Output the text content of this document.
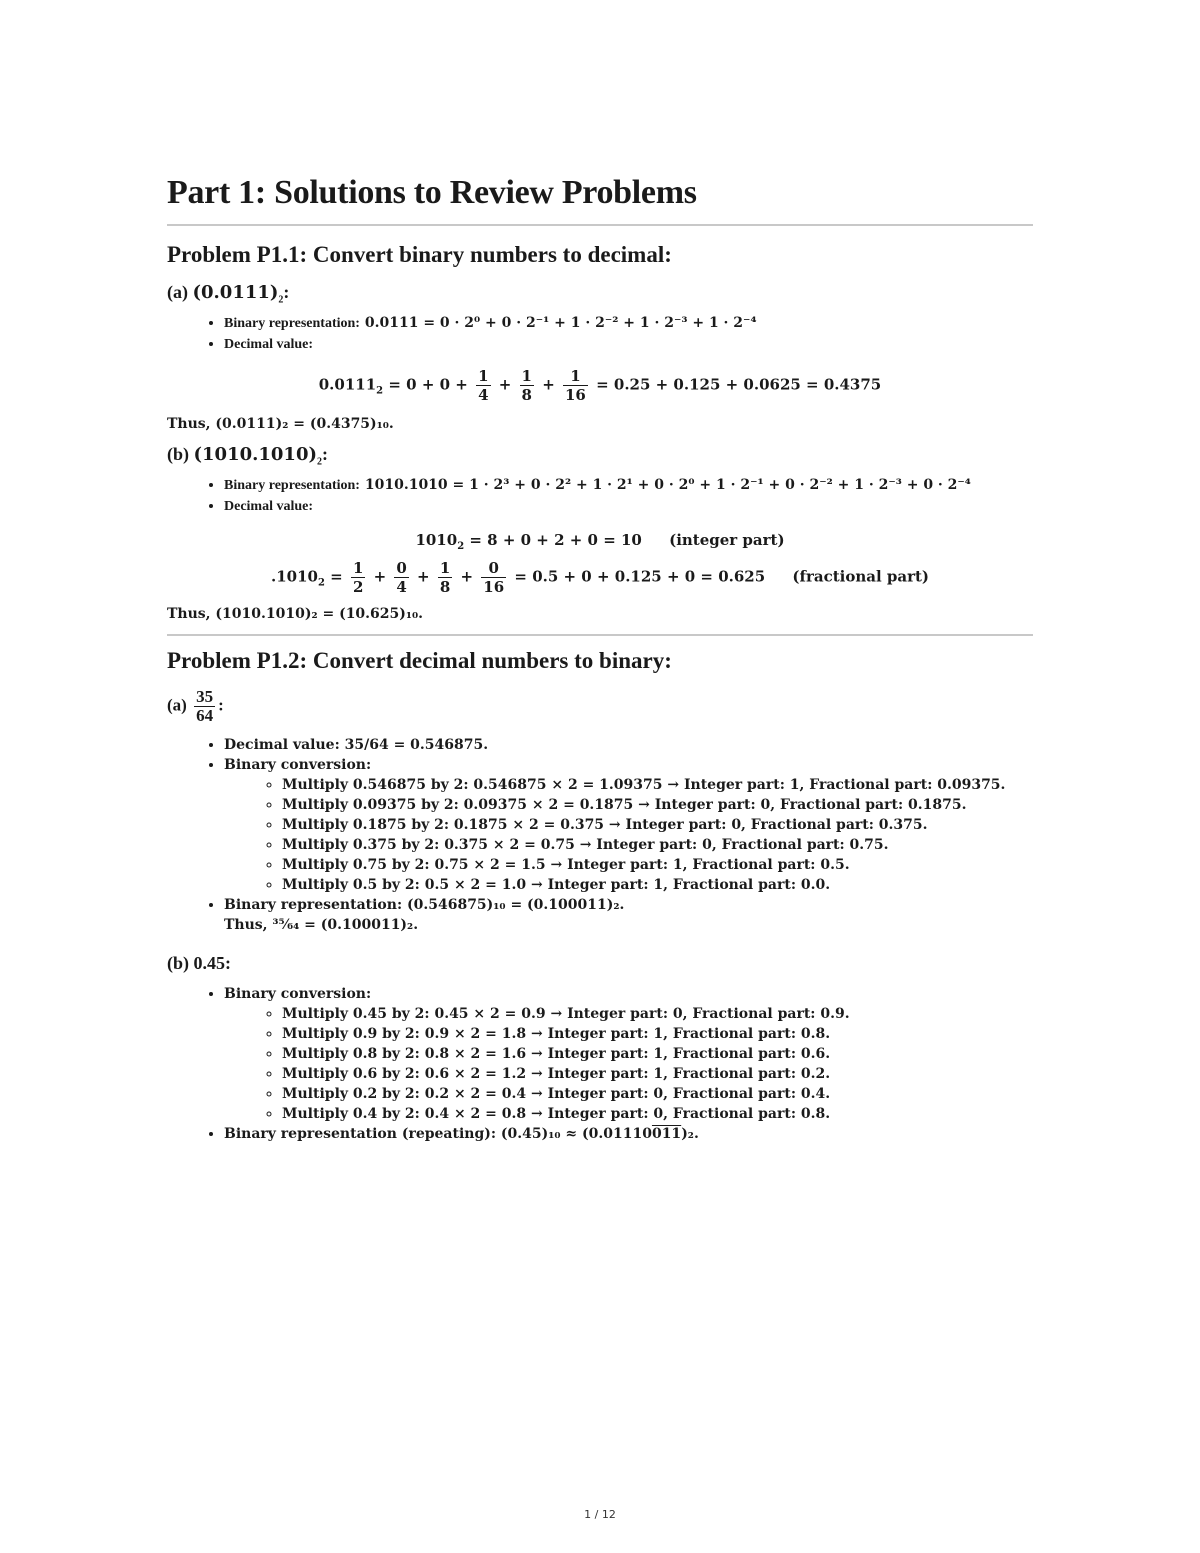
Part 1: Solutions to Review Problems
Problem P1.1: Convert binary numbers to decimal:
(a) $(0.0111)_2$:
• Binary representation: 0.0111 = 0 · 2⁰ + 0 · 2⁻¹ + 1 · 2⁻² + 1 · 2⁻³ + 1 · 2⁻⁴
• Decimal value:
$0.0111_2 = 0 + 0 + \frac{1}{4} + \frac{1}{8} + \frac{1}{16} = 0.25 + 0.125 + 0.0625 = 0.4375$
Thus, (0.0111)₂ = (0.4375)₁₀.
(b) $(1010.1010)_2$:
• Binary representation: 1010.1010 = 1 · 2³ + 0 · 2² + 1 · 2¹ + 0 · 2⁰ + 1 · 2⁻¹ + 0 · 2⁻² + 1 · 2⁻³ + 0 · 2⁻⁴
• Decimal value:
$1010_2 = 8 + 0 + 2 + 0 = 10$ (integer part)
$.1010_2 = \frac{1}{2} + \frac{0}{4} + \frac{1}{8} + \frac{0}{16} = 0.5 + 0 + 0.125 + 0 = 0.625$ (fractional part)
Thus, (1010.1010)₂ = (10.625)₁₀.
Problem P1.2: Convert decimal numbers to binary:
$(a) \frac{35}{64}$ :
• Decimal value: 35/64 = 0.546875.
• Binary conversion:
◦ Multiply 0.546875 by 2: 0.546875 × 2 = 1.09375 → Integer part: 1, Fractional part: 0.09375.
◦ Multiply 0.09375 by 2: 0.09375 × 2 = 0.1875 → Integer part: 0, Fractional part: 0.1875.
◦ Multiply 0.1875 by 2: 0.1875 × 2 = 0.375 → Integer part: 0, Fractional part: 0.375.
◦ Multiply 0.375 by 2: 0.375 × 2 = 0.75 → Integer part: 0, Fractional part: 0.75.
◦ Multiply 0.75 by 2: 0.75 × 2 = 1.5 → Integer part: 1, Fractional part: 0.5.
◦ Multiply 0.5 by 2: 0.5 × 2 = 1.0 → Integer part: 1, Fractional part: 0.0.
• Binary representation: (0.546875)₁₀ = (0.100011)₂.
Thus, ³⁵⁄₆₄ = (0.100011)₂.
(b) 0.45:
• Binary conversion:
◦ Multiply 0.45 by 2: 0.45 × 2 = 0.9 → Integer part: 0, Fractional part: 0.9.
◦ Multiply 0.9 by 2: 0.9 × 2 = 1.8 → Integer part: 1, Fractional part: 0.8.
◦ Multiply 0.8 by 2: 0.8 × 2 = 1.6 → Integer part: 1, Fractional part: 0.6.
◦ Multiply 0.6 by 2: 0.6 × 2 = 1.2 → Integer part: 1, Fractional part: 0.2.
◦ Multiply 0.2 by 2: 0.2 × 2 = 0.4 → Integer part: 0, Fractional part: 0.4.
◦ Multiply 0.4 by 2: 0.4 × 2 = 0.8 → Integer part: 0, Fractional part: 0.8.
• Binary representation (repeating): (0.45)₁₀ ≈ (0.01110011)₂.
1 / 12
